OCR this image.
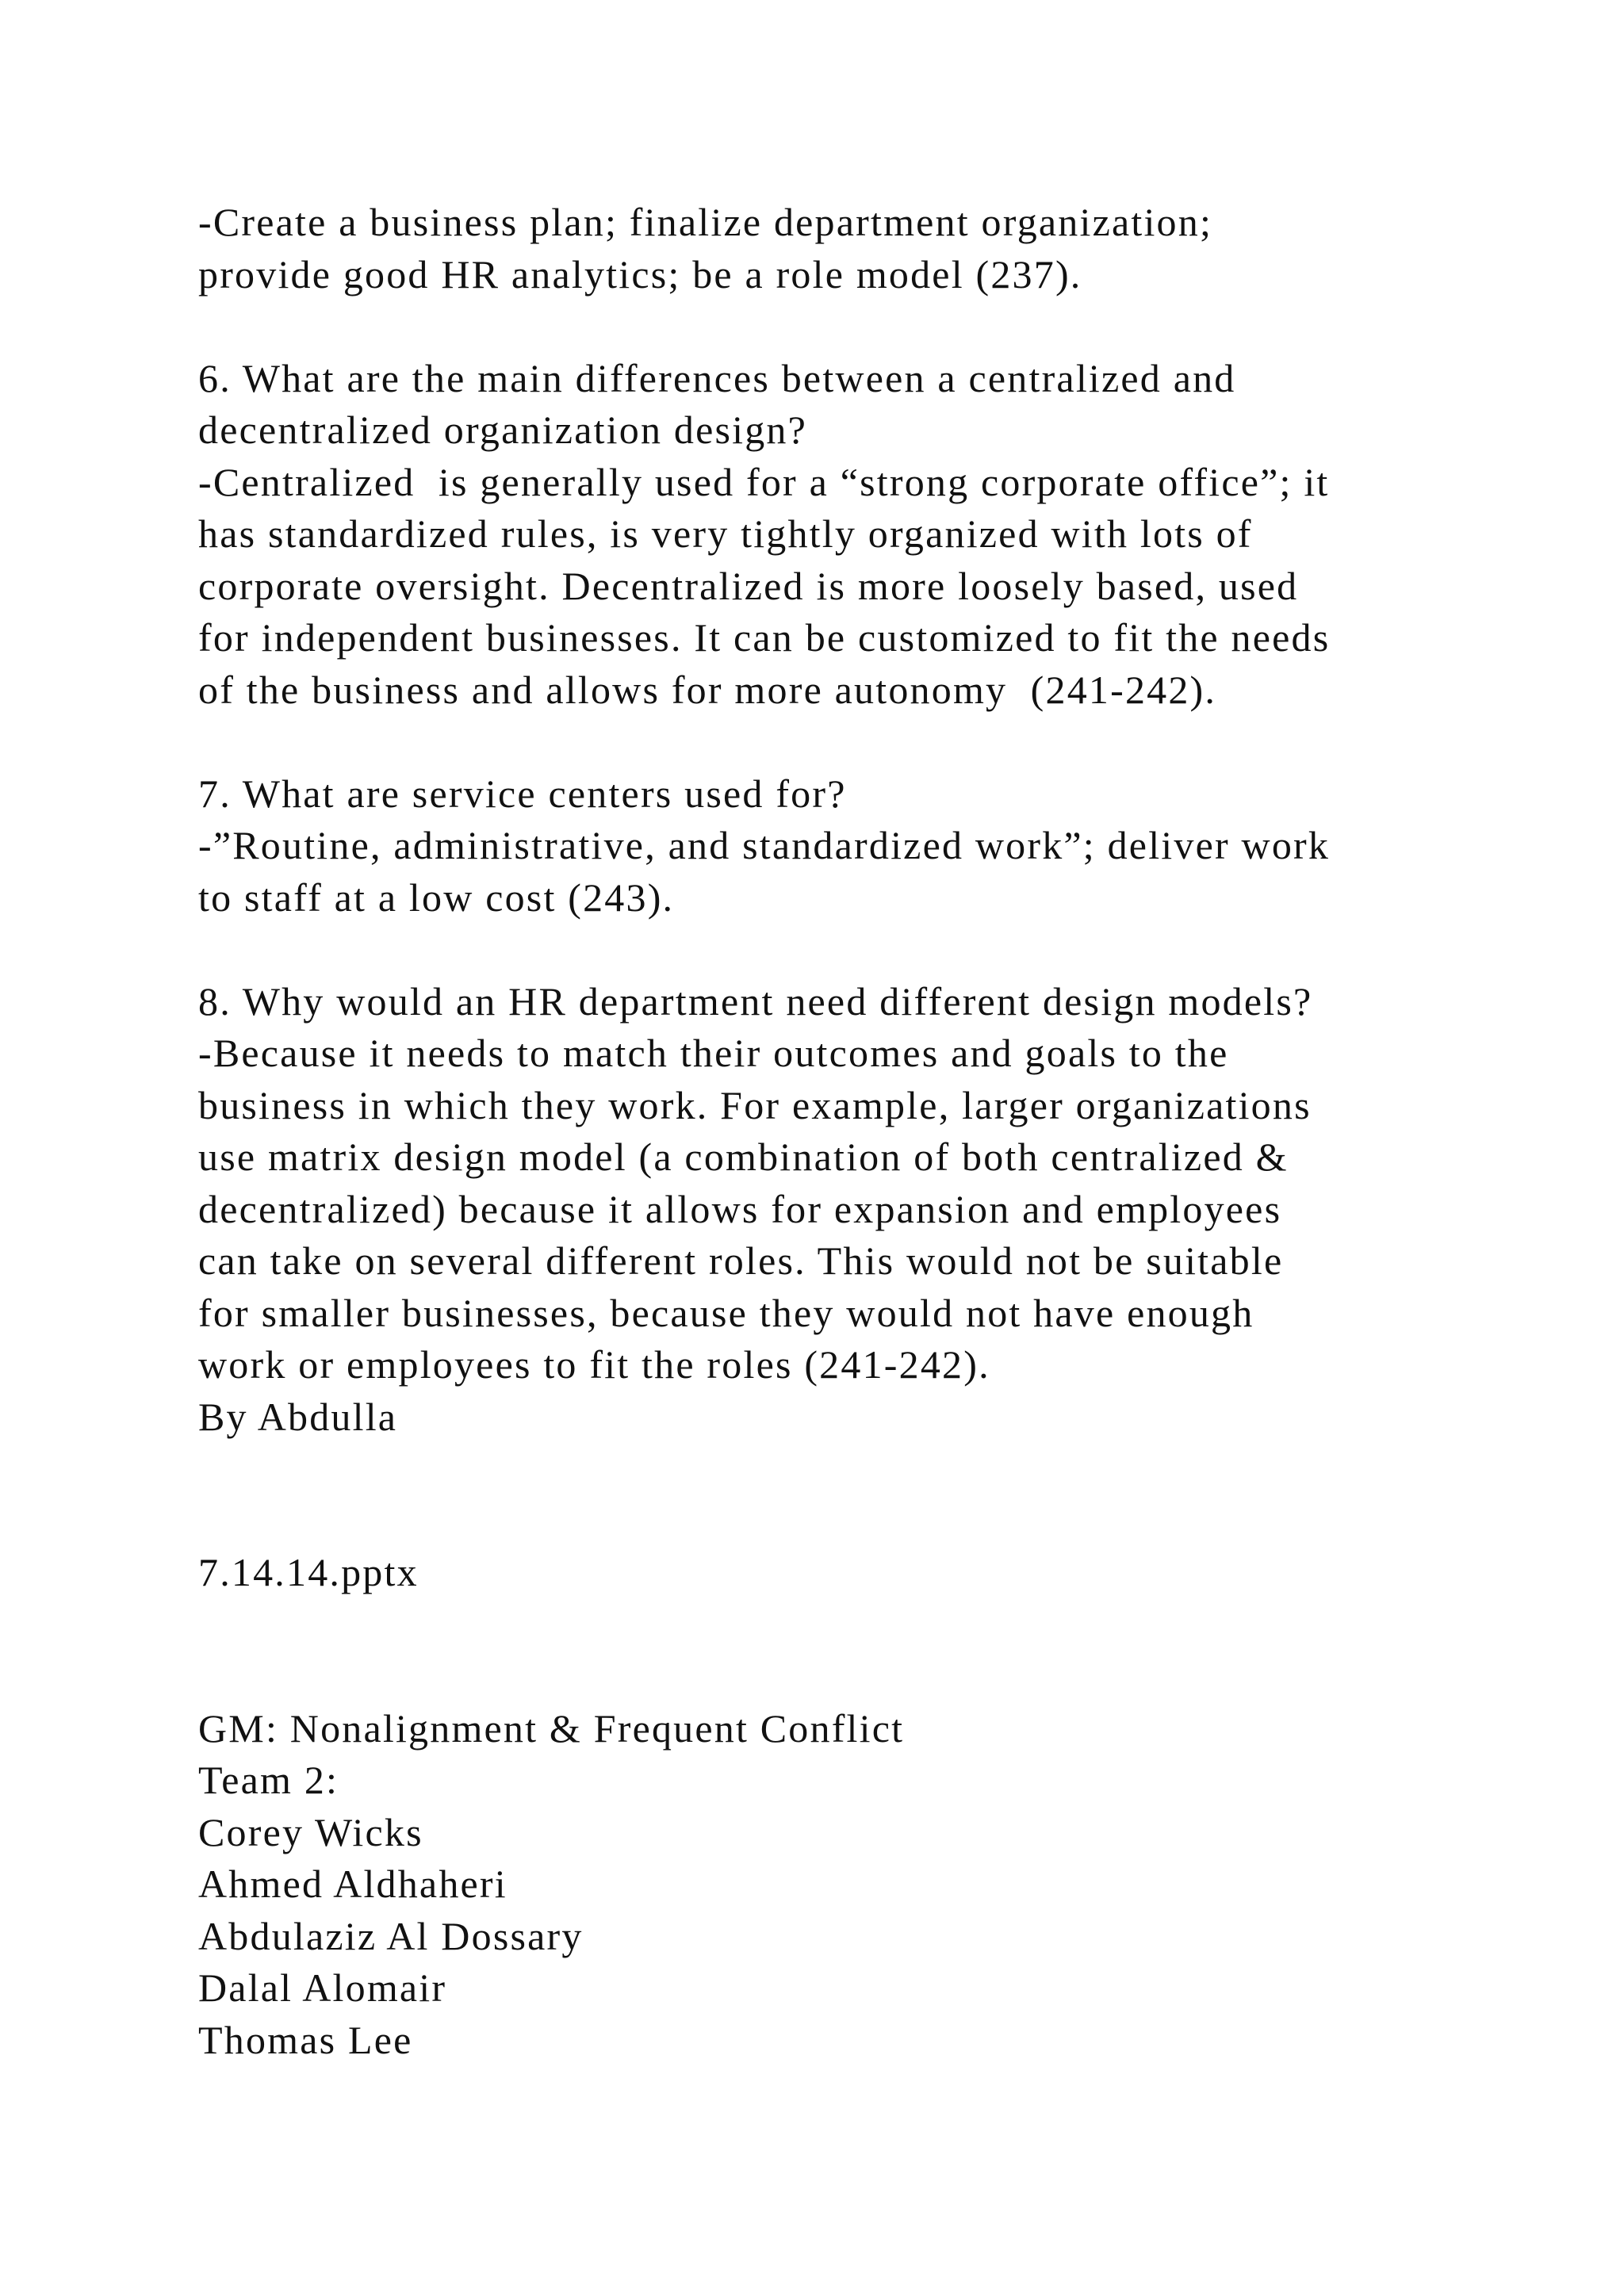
-Create a business plan; finalize department organization;
provide good HR analytics; be a role model (237).
6. What are the main differences between a centralized and
decentralized organization design?
-Centralized  is generally used for a “strong corporate office”; it
has standardized rules, is very tightly organized with lots of
corporate oversight. Decentralized is more loosely based, used
for independent businesses. It can be customized to fit the needs
of the business and allows for more autonomy  (241-242).
7. What are service centers used for?
-”Routine, administrative, and standardized work”; deliver work
to staff at a low cost (243).
8. Why would an HR department need different design models?
-Because it needs to match their outcomes and goals to the
business in which they work. For example, larger organizations
use matrix design model (a combination of both centralized &
decentralized) because it allows for expansion and employees
can take on several different roles. This would not be suitable
for smaller businesses, because they would not have enough
work or employees to fit the roles (241-242).
By Abdulla
7.14.14.pptx
GM: Nonalignment & Frequent Conflict
Team 2:
Corey Wicks
Ahmed Aldhaheri
Abdulaziz Al Dossary
Dalal Alomair
Thomas Lee
